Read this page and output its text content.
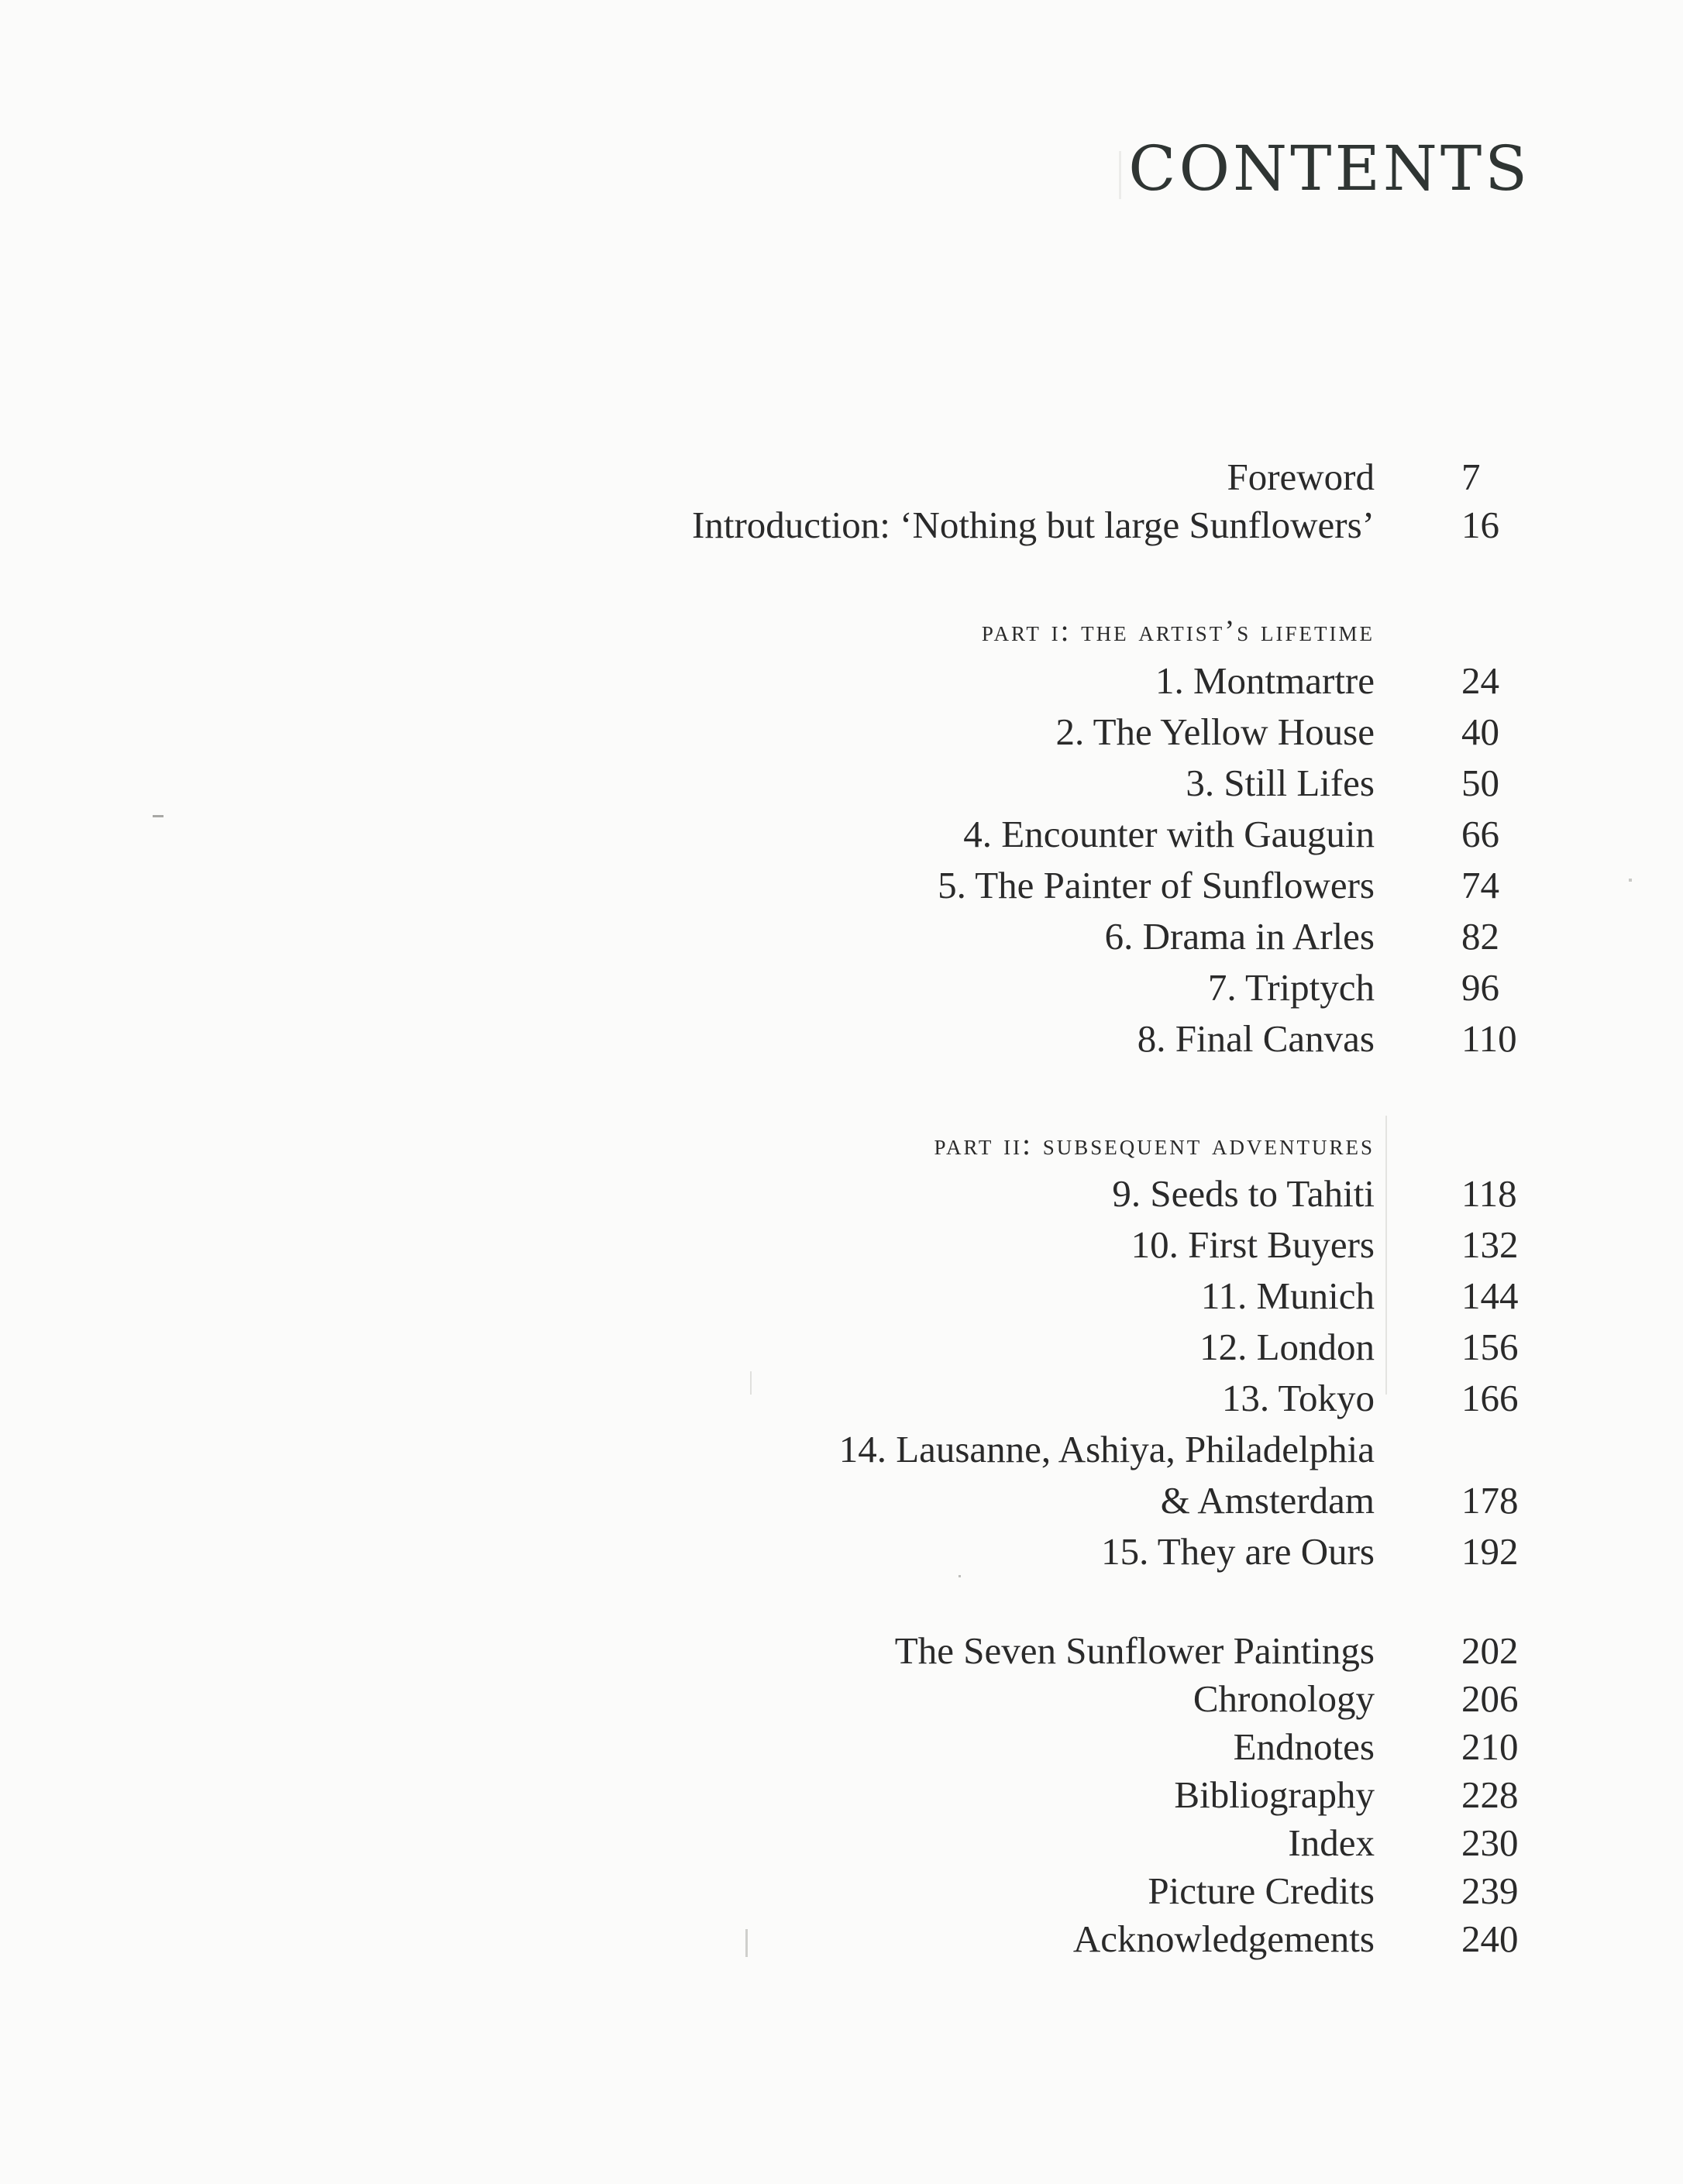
CONTENTS
Foreword 7
Introduction: ‘Nothing but large Sunflowers’ 16
part i: the artist’s lifetime
1. Montmartre 24
2. The Yellow House 40
3. Still Lifes 50
4. Encounter with Gauguin 66
5. The Painter of Sunflowers 74
6. Drama in Arles 82
7. Triptych 96
8. Final Canvas 110
part ii: subsequent adventures
9. Seeds to Tahiti 118
10. First Buyers 132
11. Munich 144
12. London 156
13. Tokyo 166
14. Lausanne, Ashiya, Philadelphia
& Amsterdam 178
15. They are Ours 192
The Seven Sunflower Paintings 202
Chronology 206
Endnotes 210
Bibliography 228
Index 230
Picture Credits 239
Acknowledgements 240
